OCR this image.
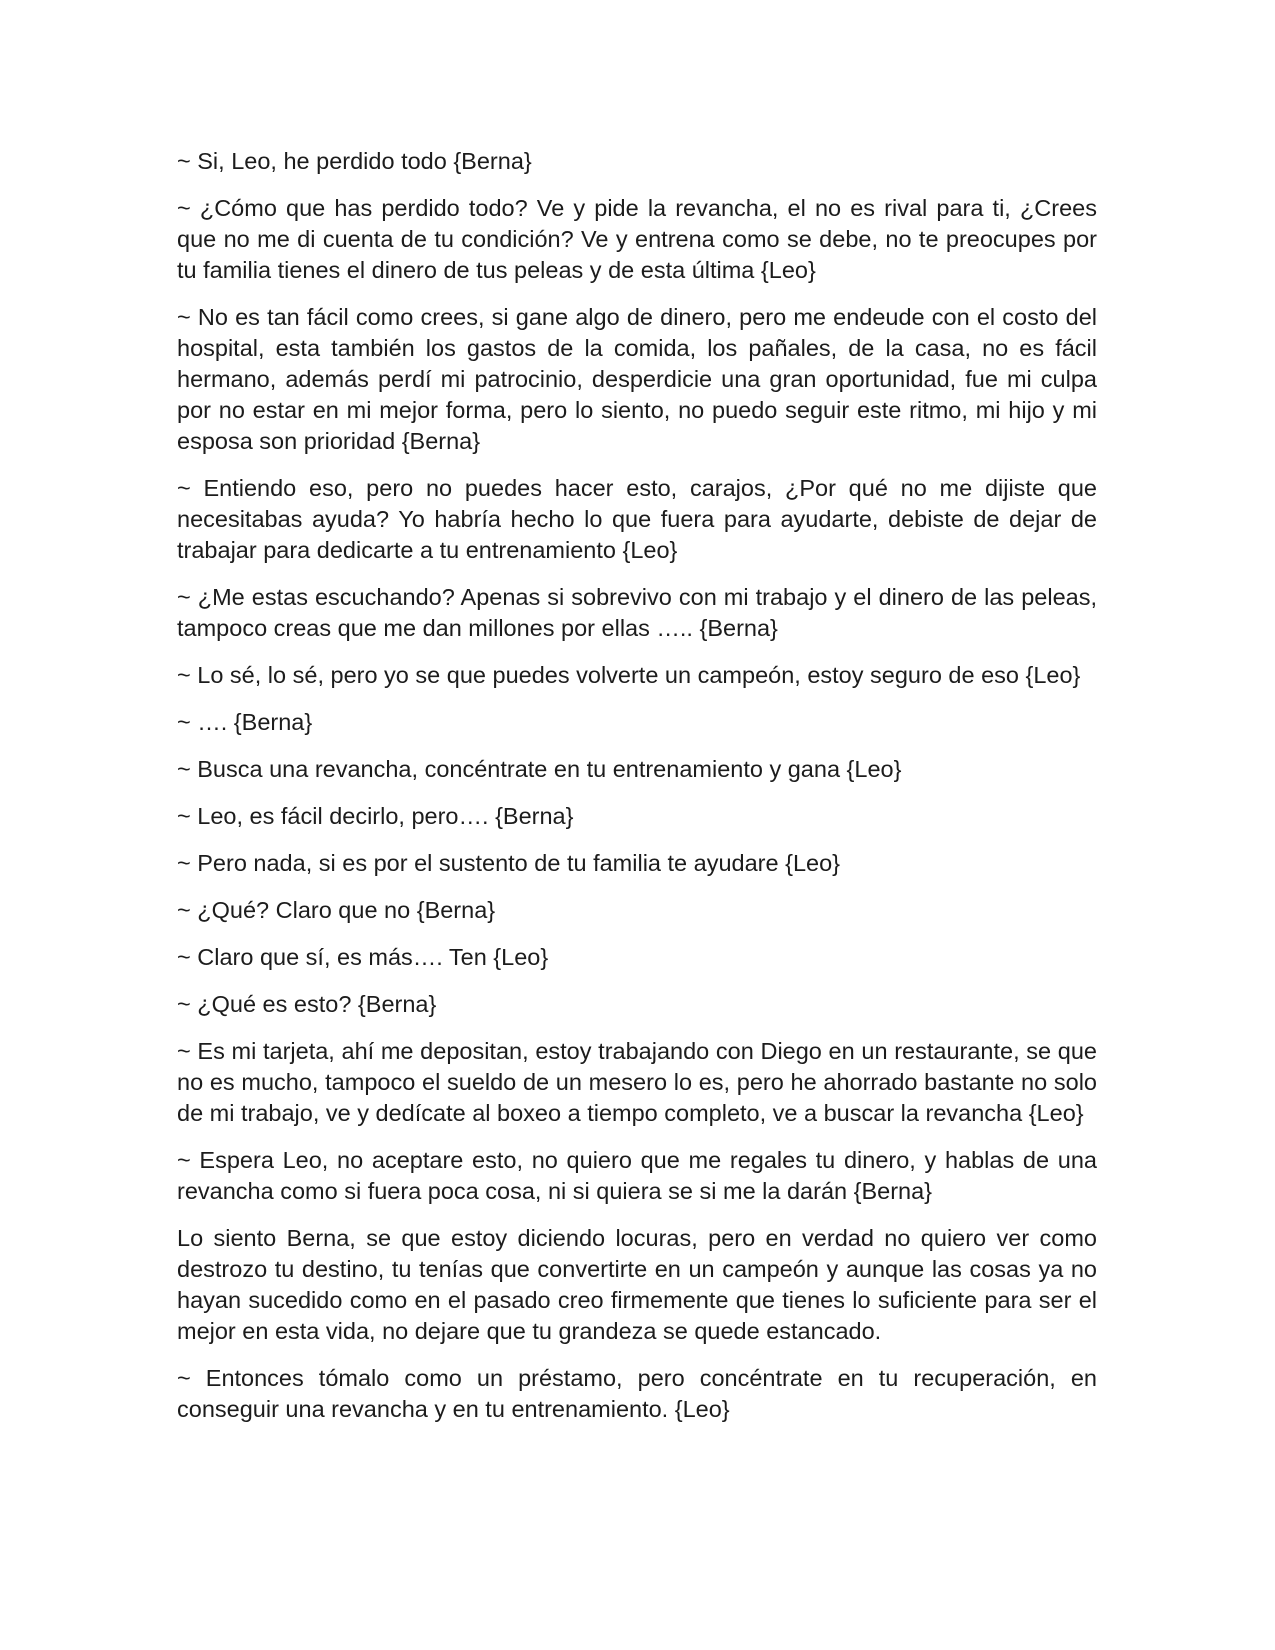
~ Si, Leo, he perdido todo {Berna}

~ ¿Cómo que has perdido todo? Ve y pide la revancha, el no es rival para ti, ¿Crees que no me di cuenta de tu condición? Ve y entrena como se debe, no te preocupes por tu familia tienes el dinero de tus peleas y de esta última {Leo}

~ No es tan fácil como crees, si gane algo de dinero, pero me endeude con el costo del hospital, esta también los gastos de la comida, los pañales, de la casa, no es fácil hermano, además perdí mi patrocinio, desperdicie una gran oportunidad, fue mi culpa por no estar en mi mejor forma, pero lo siento, no puedo seguir este ritmo, mi hijo y mi esposa son prioridad {Berna}

~ Entiendo eso, pero no puedes hacer esto, carajos, ¿Por qué no me dijiste que necesitabas ayuda? Yo habría hecho lo que fuera para ayudarte, debiste de dejar de trabajar para dedicarte a tu entrenamiento {Leo}

~ ¿Me estas escuchando? Apenas si sobrevivo con mi trabajo y el dinero de las peleas, tampoco creas que me dan millones por ellas ….. {Berna}

~ Lo sé, lo sé, pero yo se que puedes volverte un campeón, estoy seguro de eso {Leo}

~ …. {Berna}

~ Busca una revancha, concéntrate en tu entrenamiento y gana {Leo}

~ Leo, es fácil decirlo, pero…. {Berna}

~ Pero nada, si es por el sustento de tu familia te ayudare {Leo}

~ ¿Qué? Claro que no {Berna}

~ Claro que sí, es más…. Ten {Leo}

~ ¿Qué es esto? {Berna}

~ Es mi tarjeta, ahí me depositan, estoy trabajando con Diego en un restaurante, se que no es mucho, tampoco el sueldo de un mesero lo es, pero he ahorrado bastante no solo de mi trabajo, ve y dedícate al boxeo a tiempo completo, ve a buscar la revancha {Leo}

~ Espera Leo, no aceptare esto, no quiero que me regales tu dinero, y hablas de una revancha como si fuera poca cosa, ni si quiera se si me la darán {Berna}

Lo siento Berna, se que estoy diciendo locuras, pero en verdad no quiero ver como destrozo tu destino, tu tenías que convertirte en un campeón y aunque las cosas ya no hayan sucedido como en el pasado creo firmemente que tienes lo suficiente para ser el mejor en esta vida, no dejare que tu grandeza se quede estancado.

~ Entonces tómalo como un préstamo, pero concéntrate en tu recuperación, en conseguir una revancha y en tu entrenamiento. {Leo}
